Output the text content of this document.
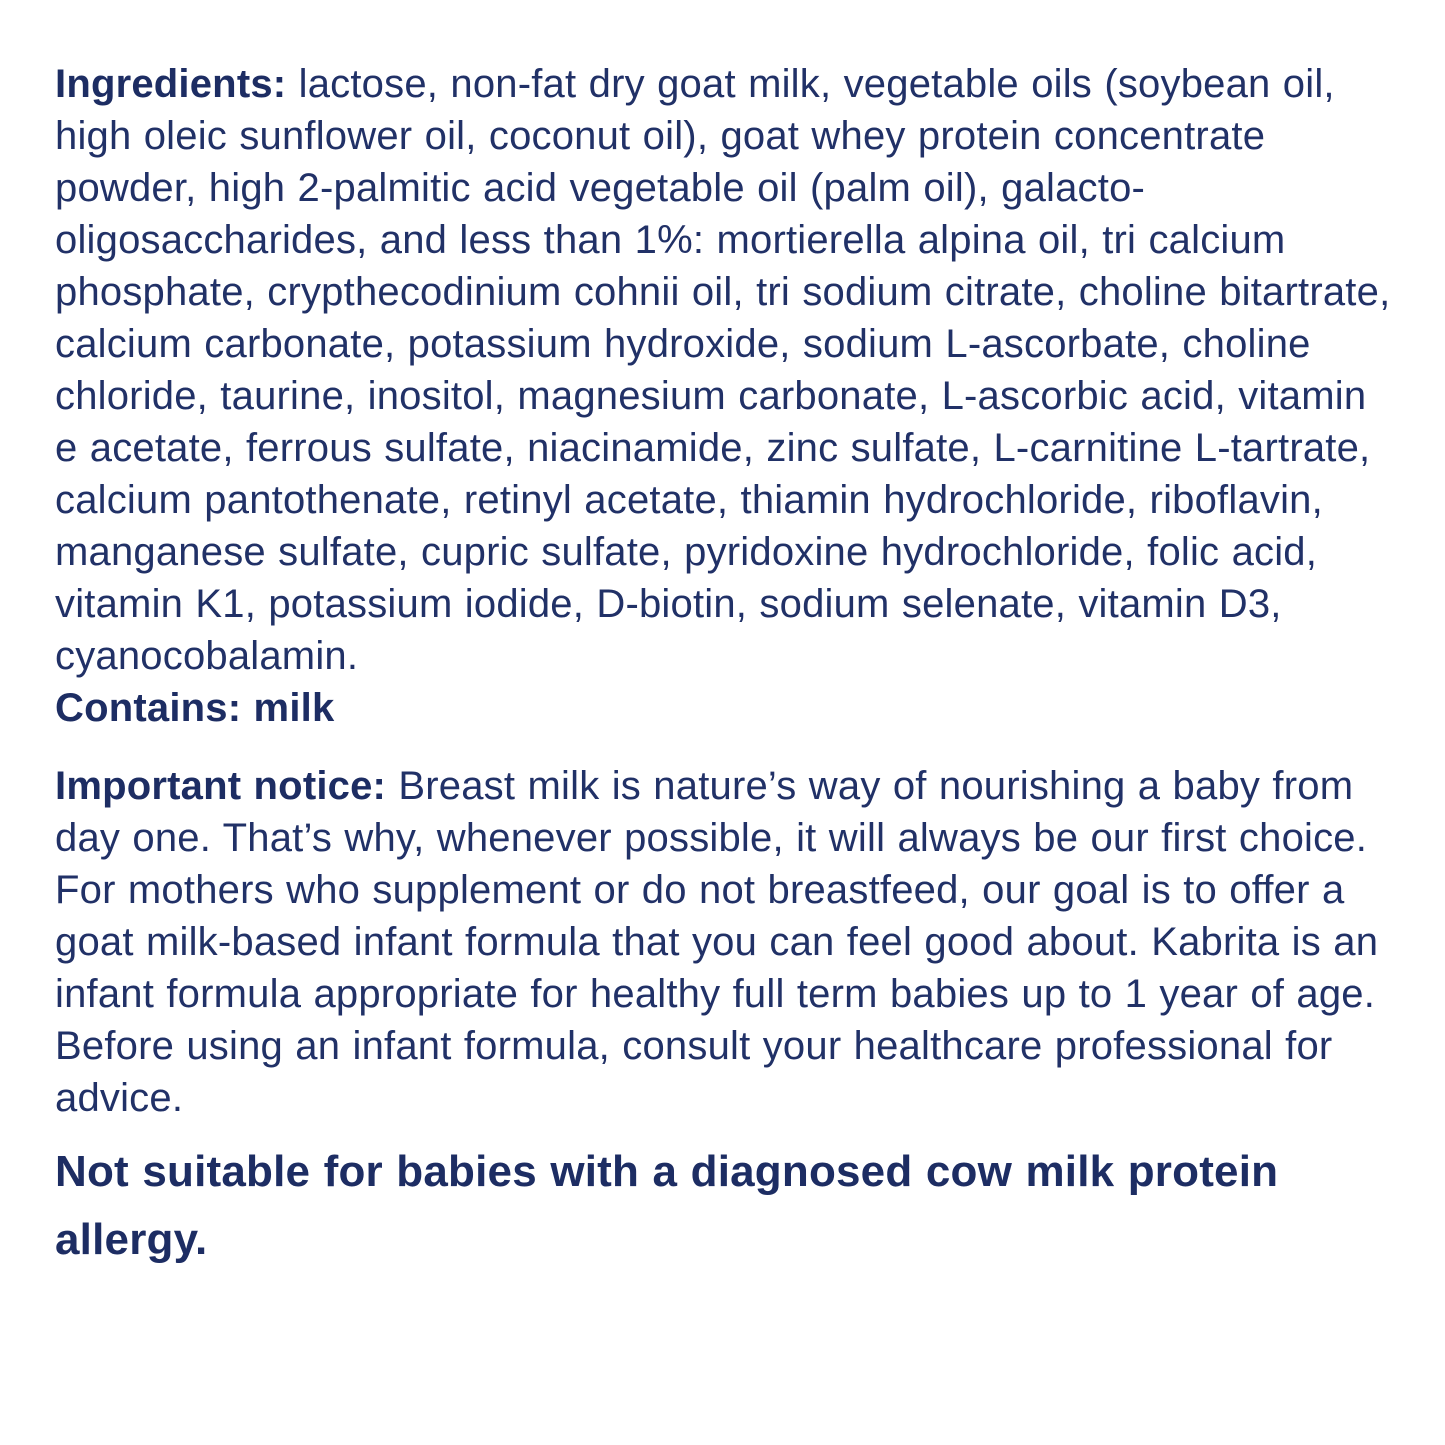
Ingredients: lactose, non-fat dry goat milk, vegetable oils (soybean oil, high oleic sunflower oil, coconut oil), goat whey protein concentrate powder, high 2-palmitic acid vegetable oil (palm oil), galacto-oligosaccharides, and less than 1%: mortierella alpina oil, tri calcium phosphate, crypthecodinium cohnii oil, tri sodium citrate, choline bitartrate, calcium carbonate, potassium hydroxide, sodium L-ascorbate, choline chloride, taurine, inositol, magnesium carbonate, L-ascorbic acid, vitamin e acetate, ferrous sulfate, niacinamide, zinc sulfate, L-carnitine L-tartrate, calcium pantothenate, retinyl acetate, thiamin hydrochloride, riboflavin, manganese sulfate, cupric sulfate, pyridoxine hydrochloride, folic acid, vitamin K1, potassium iodide, D-biotin, sodium selenate, vitamin D3, cyanocobalamin.

Contains: milk

Important notice: Breast milk is nature’s way of nourishing a baby from day one. That’s why, whenever possible, it will always be our first choice. For mothers who supplement or do not breastfeed, our goal is to offer a goat milk-based infant formula that you can feel good about. Kabrita is an infant formula appropriate for healthy full term babies up to 1 year of age. Before using an infant formula, consult your healthcare professional for advice.

Not suitable for babies with a diagnosed cow milk protein allergy.
